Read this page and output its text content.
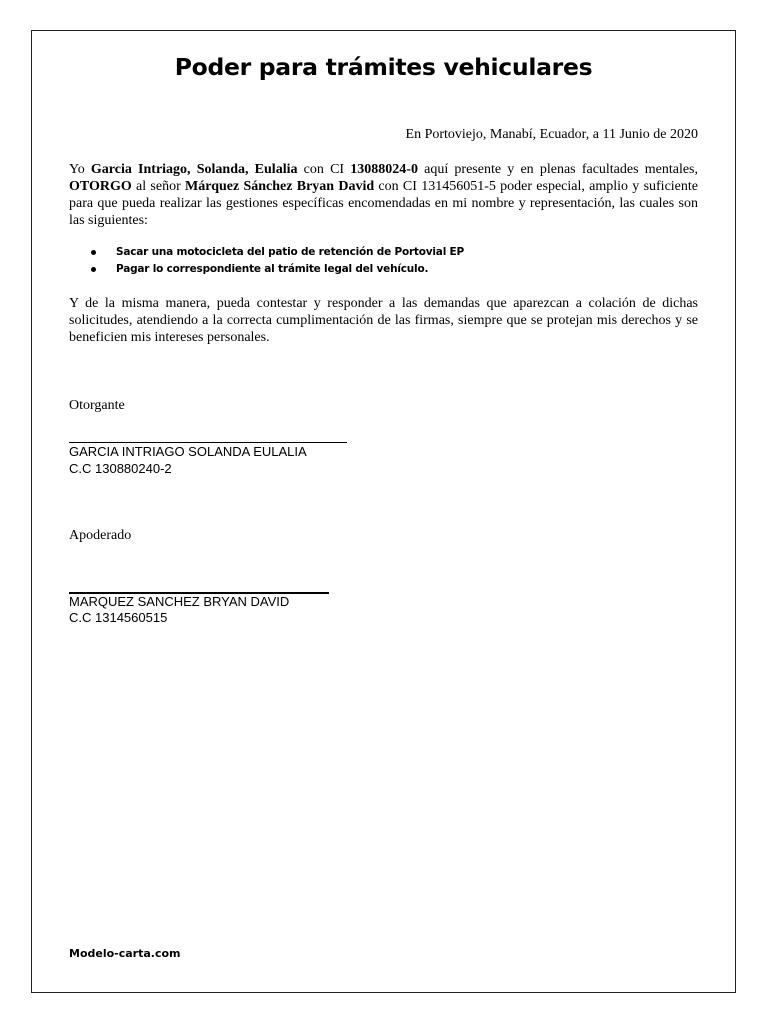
Poder para trámites vehiculares
En Portoviejo, Manabí, Ecuador, a 11 Junio de 2020
Yo Garcia Intriago, Solanda, Eulalia con CI 13088024-0 aquí presente y en plenas facultades mentales, OTORGO al señor Márquez Sánchez Bryan David con CI 131456051-5 poder especial, amplio y suficiente para que pueda realizar las gestiones específicas encomendadas en mi nombre y representación, las cuales son las siguientes:
Sacar una motocicleta del patio de retención de Portovial EP
Pagar lo correspondiente al trámite legal del vehículo.
Y de la misma manera, pueda contestar y responder a las demandas que aparezcan a colación de dichas solicitudes, atendiendo a la correcta cumplimentación de las firmas, siempre que se protejan mis derechos y se beneficien mis intereses personales.
Otorgante
GARCIA INTRIAGO SOLANDA EULALIA
C.C 130880240-2
Apoderado
MARQUEZ SANCHEZ BRYAN DAVID
C.C 1314560515
Modelo-carta.com
